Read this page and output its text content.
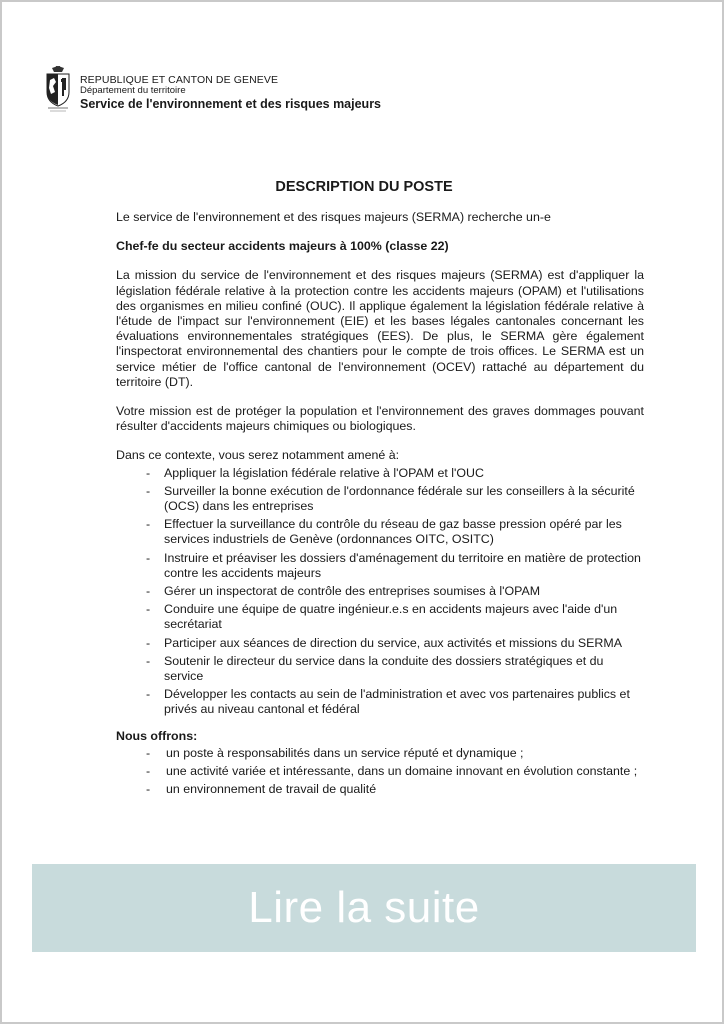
REPUBLIQUE ET CANTON DE GENEVE
Département du territoire
Service de l'environnement et des risques majeurs
DESCRIPTION DU POSTE

Le service de l'environnement et des risques majeurs (SERMA) recherche un-e

Chef-fe du secteur accidents majeurs à 100% (classe 22)

La mission du service de l'environnement et des risques majeurs (SERMA) est d'appliquer la législation fédérale relative à la protection contre les accidents majeurs (OPAM) et l'utilisations des organismes en milieu confiné (OUC). Il applique également la législation fédérale relative à l'étude de l'impact sur l'environnement (EIE) et les bases légales cantonales concernant les évaluations environnementales stratégiques (EES). De plus, le SERMA gère également l'inspectorat environnemental des chantiers pour le compte de trois offices. Le SERMA est un service métier de l'office cantonal de l'environnement (OCEV) rattaché au département du territoire (DT).

Votre mission est de protéger la population et l'environnement des graves dommages pouvant résulter d'accidents majeurs chimiques ou biologiques.

Dans ce contexte, vous serez notamment amené à:

- Appliquer la législation fédérale relative à l'OPAM et l'OUC
- Surveiller la bonne exécution de l'ordonnance fédérale sur les conseillers à la sécurité (OCS) dans les entreprises
- Effectuer la surveillance du contrôle du réseau de gaz basse pression opéré par les services industriels de Genève (ordonnances OITC, OSITC)
- Instruire et préaviser les dossiers d'aménagement du territoire en matière de protection contre les accidents majeurs
- Gérer un inspectorat de contrôle des entreprises soumises à l'OPAM
- Conduire une équipe de quatre ingénieur.e.s en accidents majeurs avec l'aide d'un secrétariat
- Participer aux séances de direction du service, aux activités et missions du SERMA
- Soutenir le directeur du service dans la conduite des dossiers stratégiques et du service
- Développer les contacts au sein de l'administration et avec vos partenaires publics et privés au niveau cantonal et fédéral

Nous offrons:

- un poste à responsabilités dans un service réputé et dynamique ;
- une activité variée et intéressante, dans un domaine innovant en évolution constante ;
- un environnement de travail de qualité
Lire la suite
